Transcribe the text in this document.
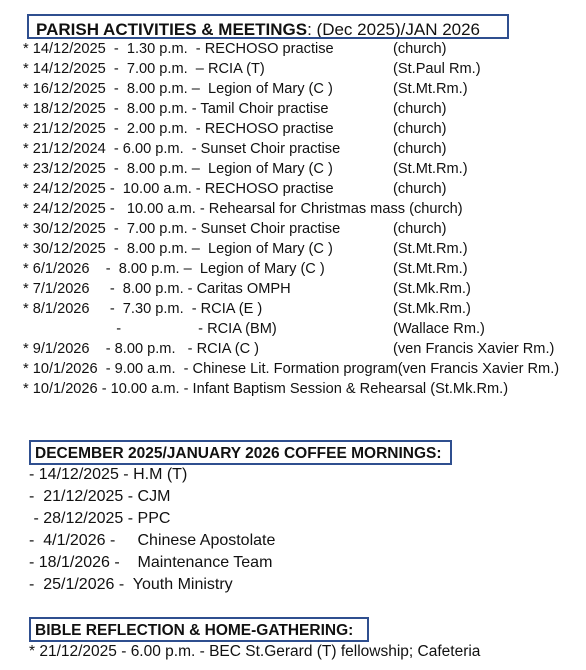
PARISH ACTIVITIES & MEETINGS: (Dec 2025)/JAN 2026
* 14/12/2025  -  1.30 p.m.  - RECHOSO practise	(church)
* 14/12/2025  -  7.00 p.m.  – RCIA (T)	(St.Paul Rm.)
* 16/12/2025  -  8.00 p.m. –  Legion of Mary (C )	(St.Mt.Rm.)
* 18/12/2025  -  8.00 p.m. - Tamil Choir practise	(church)
* 21/12/2025  -  2.00 p.m.  - RECHOSO practise	(church)
* 21/12/2024  - 6.00 p.m.  - Sunset Choir practise	(church)
* 23/12/2025  -  8.00 p.m. –  Legion of Mary (C )	(St.Mt.Rm.)
* 24/12/2025 -  10.00 a.m. - RECHOSO practise	(church)
* 24/12/2025 -   10.00 a.m. - Rehearsal for Christmas mass (church)
* 30/12/2025  -  7.00 p.m. - Sunset Choir practise	(church)
* 30/12/2025  -  8.00 p.m. –  Legion of Mary (C )	(St.Mt.Rm.)
* 6/1/2026    -  8.00 p.m. –  Legion of Mary (C )	(St.Mt.Rm.)
* 7/1/2026     -  8.00 p.m. - Caritas OMPH	(St.Mk.Rm.)
* 8/1/2026     -  7.30 p.m.  - RCIA (E )	(St.Mk.Rm.)
-                   - RCIA (BM)	(Wallace Rm.)
* 9/1/2026    - 8.00 p.m.   - RCIA (C )	(ven Francis Xavier Rm.)
* 10/1/2026  - 9.00 a.m.  - Chinese Lit. Formation program(ven Francis Xavier Rm.)
* 10/1/2026 - 10.00 a.m. - Infant Baptism Session & Rehearsal (St.Mk.Rm.)
DECEMBER 2025/JANUARY 2026 COFFEE MORNINGS:
- 14/12/2025 - H.M (T)
-  21/12/2025 - CJM
- 28/12/2025 - PPC
-  4/1/2026 -     Chinese Apostolate
- 18/1/2026 -    Maintenance Team
-  25/1/2026 -  Youth Ministry
BIBLE REFLECTION & HOME-GATHERING:
* 21/12/2025 - 6.00 p.m. - BEC St.Gerard (T) fellowship; Cafeteria
